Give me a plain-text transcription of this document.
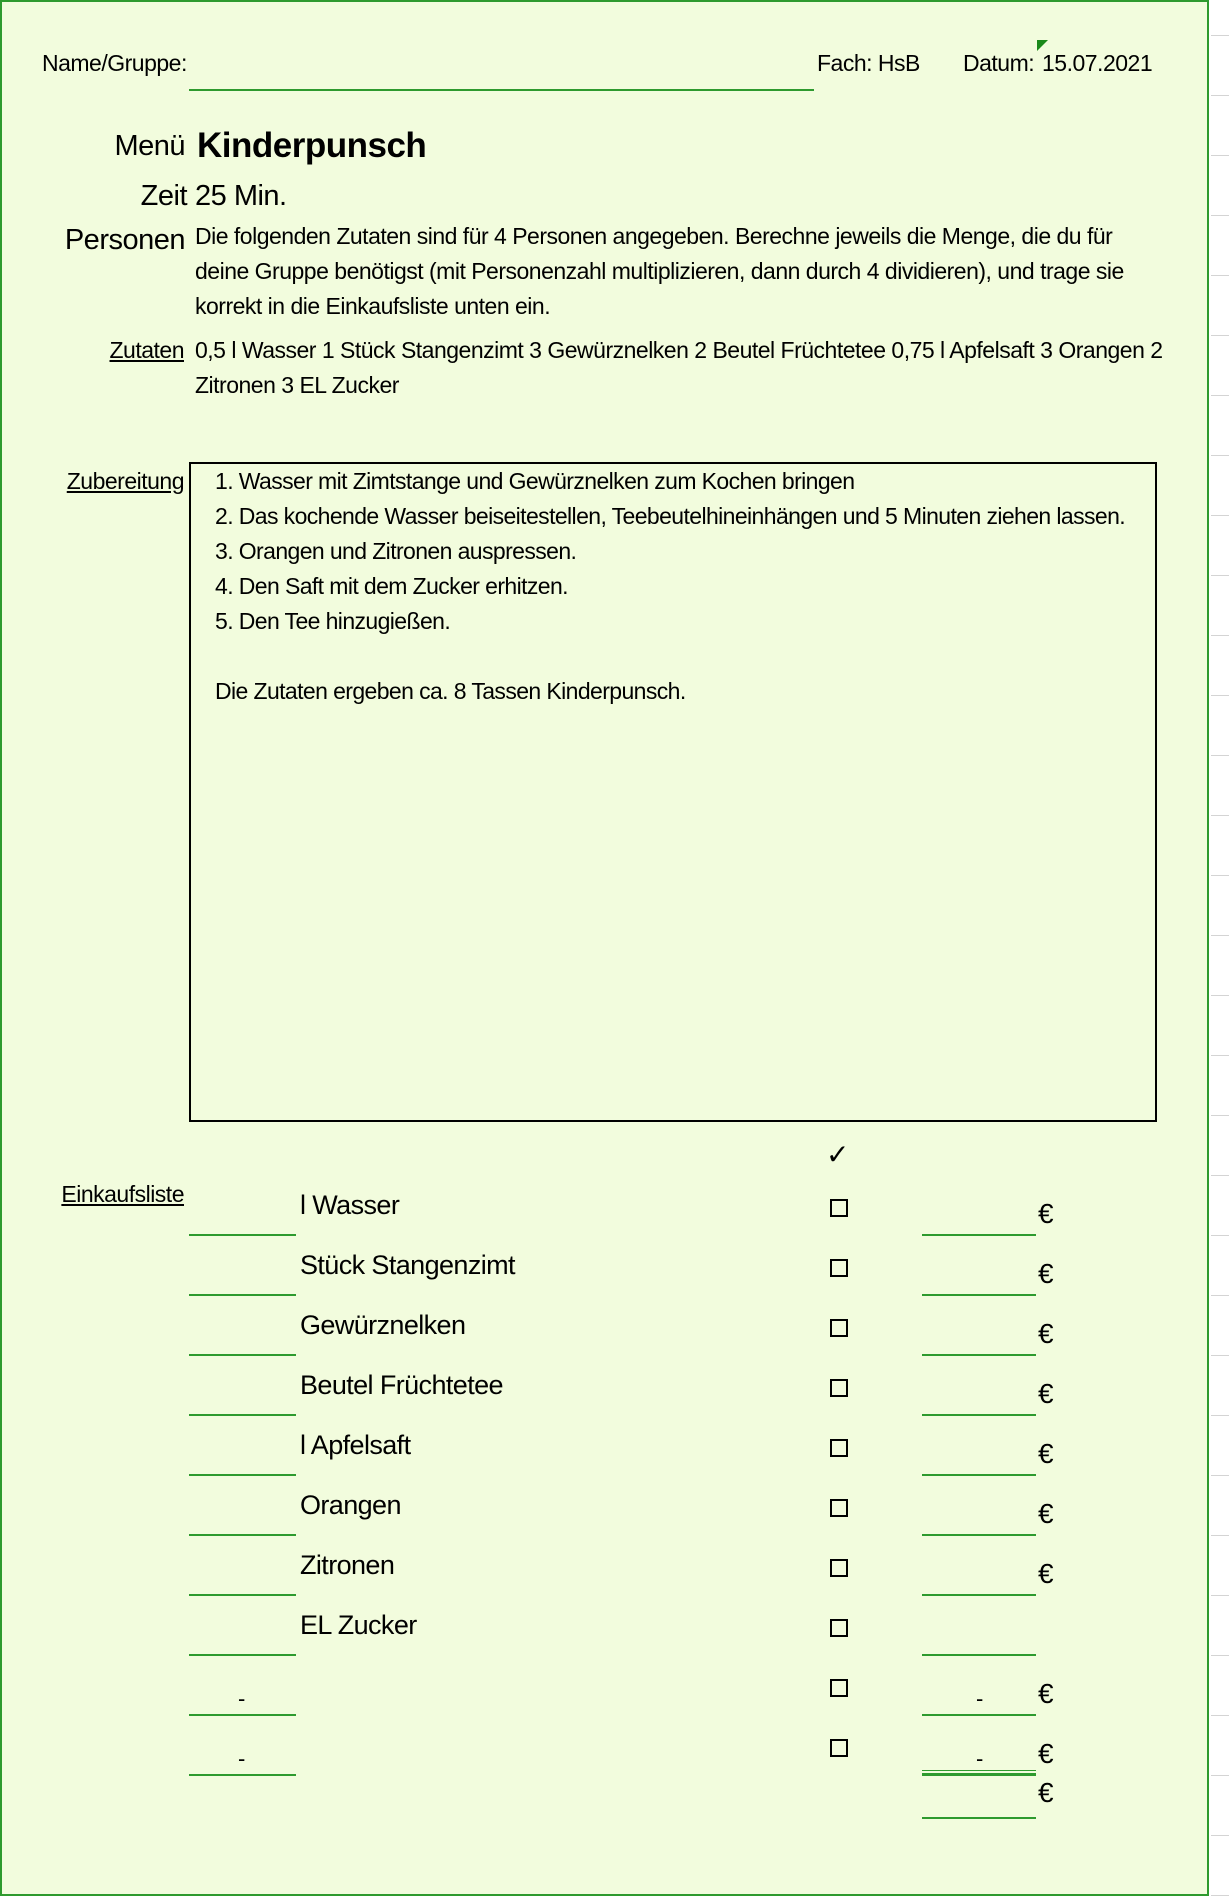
Name/Gruppe:	Fach: HsB Datum: 15.07.2021
Menü Kinderpunsch
Zeit 25 Min.
Personen Die folgenden Zutaten sind für 4 Personen angegeben. Berechne jeweils die Menge, die du für
deine Gruppe benötigst (mit Personenzahl multiplizieren, dann durch 4 dividieren), und trage sie
korrekt in die Einkaufsliste unten ein.
Zutaten 0,5 l Wasser 1 Stück Stangenzimt 3 Gewürznelken 2 Beutel Früchtetee 0,75 l Apfelsaft 3 Orangen 2
Zitronen 3 EL Zucker
Zubereitung 1. Wasser mit Zimtstange und Gewürznelken zum Kochen bringen
2. Das kochende Wasser beiseitestellen, Teebeutelhineinhängen und 5 Minuten ziehen lassen.
3. Orangen und Zitronen auspressen.
4. Den Saft mit dem Zucker erhitzen.
5. Den Tee hinzugießen.
Die Zutaten ergeben ca. 8 Tassen Kinderpunsch.
Einkaufsliste
✓
l Wasser	€
Stück Stangenzimt	€
Gewürznelken	€
Beutel Früchtetee	€
l Apfelsaft	€
Orangen	€
Zitronen	€
EL Zucker
-	- €
-	- €
€
